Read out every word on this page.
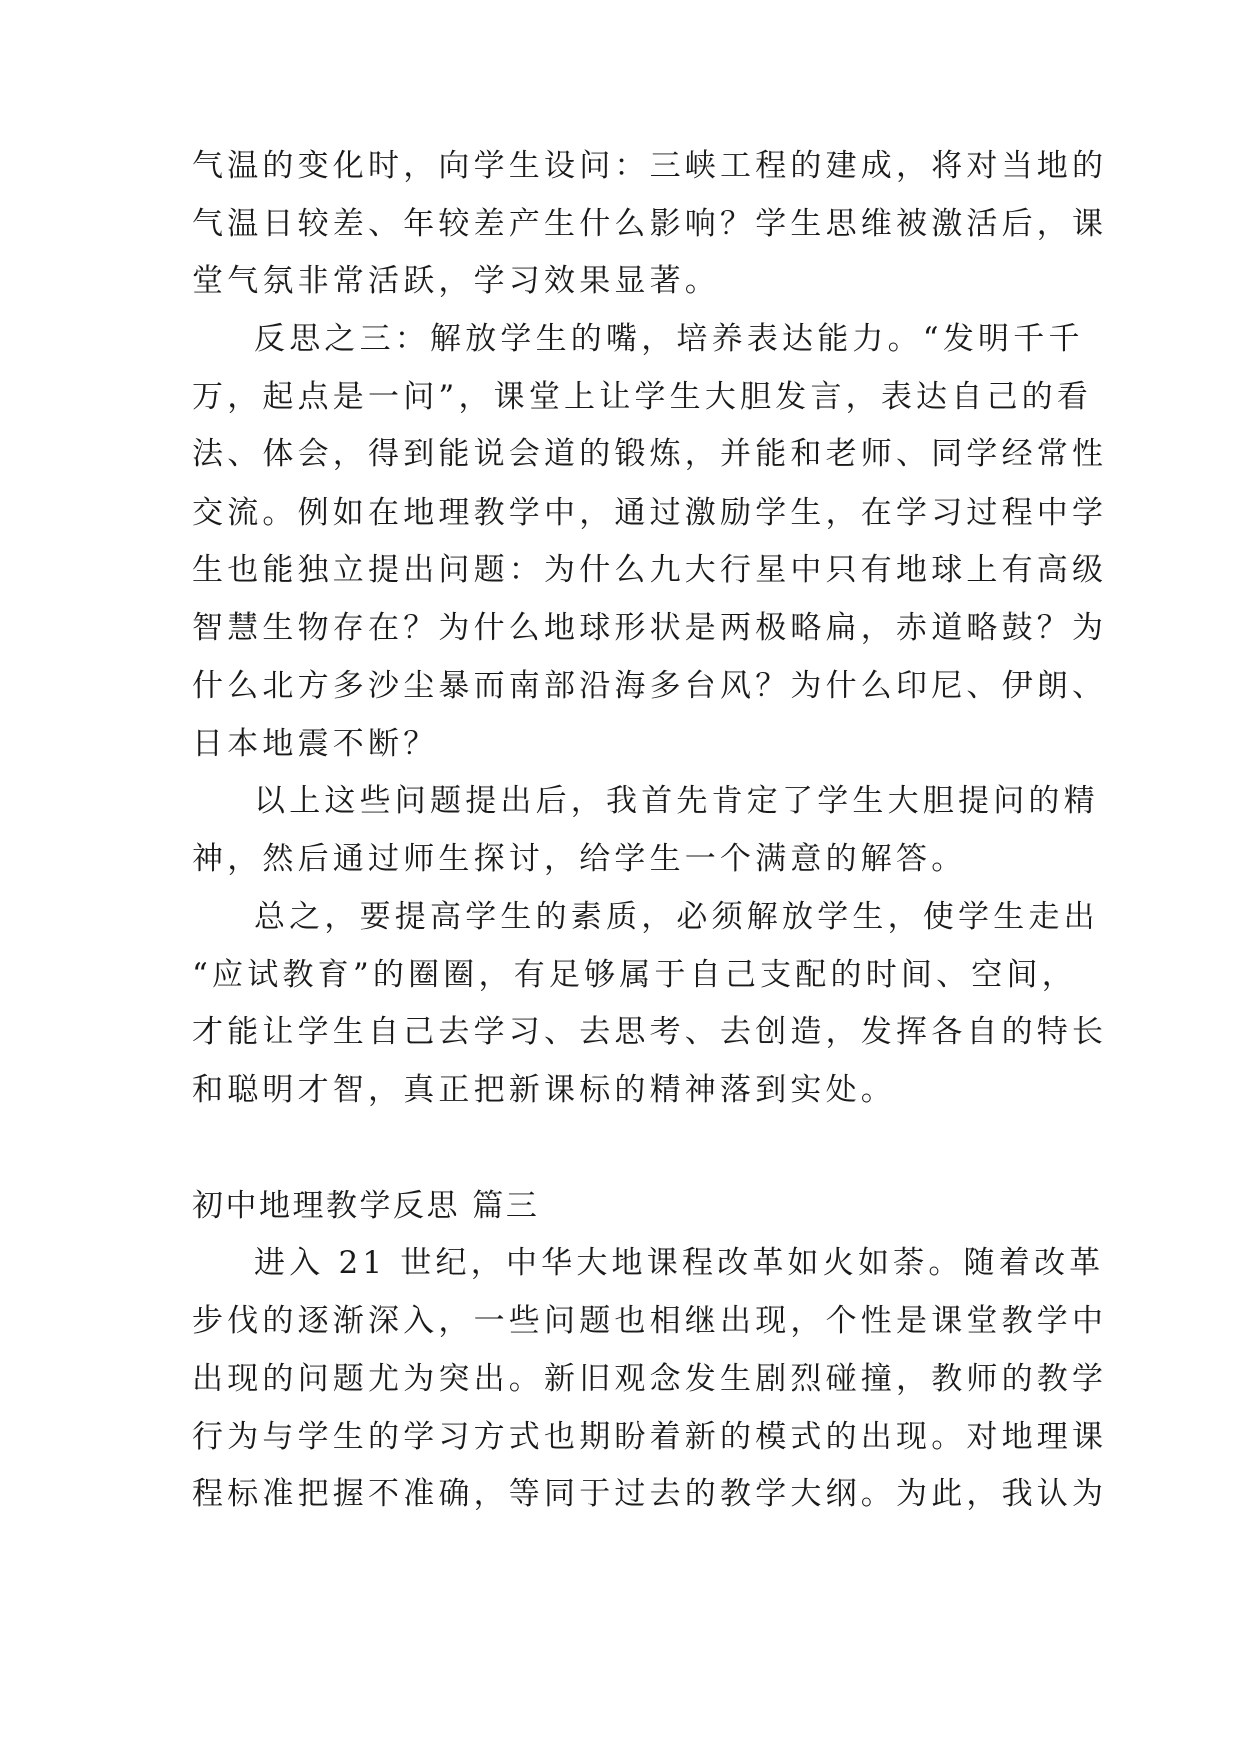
气温的变化时，向学生设问：三峡工程的建成，将对当地的
气温日较差、年较差产生什么影响？学生思维被激活后，课
堂气氛非常活跃，学习效果显著。
反思之三：解放学生的嘴，培养表达能力。“发明千千
万，起点是一问”，课堂上让学生大胆发言，表达自己的看
法、体会，得到能说会道的锻炼，并能和老师、同学经常性
交流。例如在地理教学中，通过激励学生，在学习过程中学
生也能独立提出问题：为什么九大行星中只有地球上有高级
智慧生物存在？为什么地球形状是两极略扁，赤道略鼓？为
什么北方多沙尘暴而南部沿海多台风？为什么印尼、伊朗、
日本地震不断？
以上这些问题提出后，我首先肯定了学生大胆提问的精
神，然后通过师生探讨，给学生一个满意的解答。
总之，要提高学生的素质，必须解放学生，使学生走出
“应试教育”的圈圈，有足够属于自己支配的时间、空间，
才能让学生自己去学习、去思考、去创造，发挥各自的特长
和聪明才智，真正把新课标的精神落到实处。
初中地理教学反思 篇三
进入 21 世纪，中华大地课程改革如火如荼。随着改革
步伐的逐渐深入，一些问题也相继出现，个性是课堂教学中
出现的问题尤为突出。新旧观念发生剧烈碰撞，教师的教学
行为与学生的学习方式也期盼着新的模式的出现。对地理课
程标准把握不准确，等同于过去的教学大纲。为此，我认为
